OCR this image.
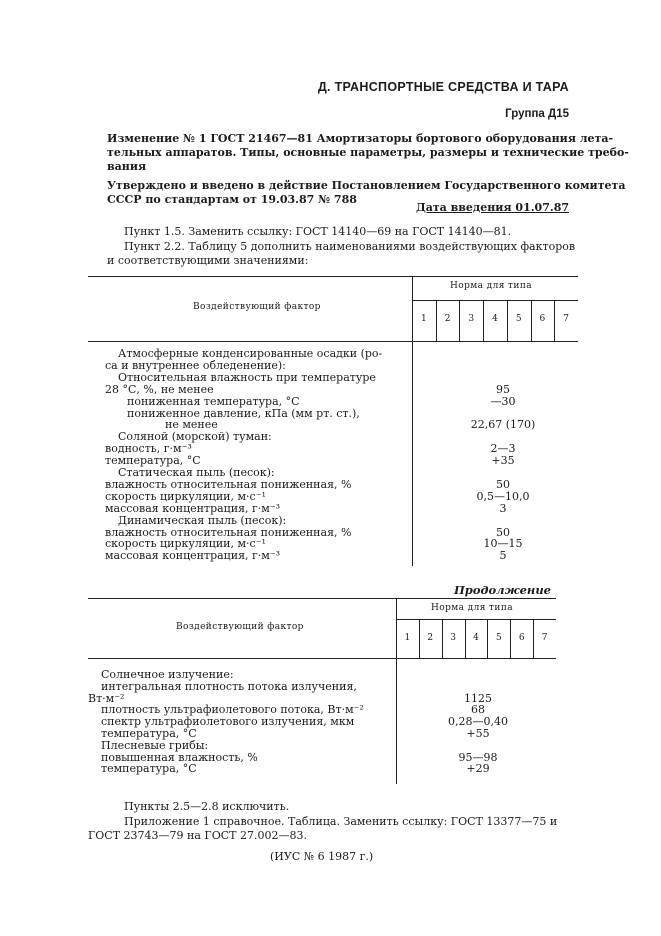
Д. ТРАНСПОРТНЫЕ СРЕДСТВА И ТАРА
Группа Д15
Изменение № 1 ГОСТ 21467—81 Амортизаторы бортового оборудования лета-
тельных аппаратов. Типы, основные параметры, размеры и технические требо-
вания
Утверждено и введено в действие Постановлением Государственного комитета
СССР по стандартам от 19.03.87 № 788
Дата введения 01.07.87
Пункт 1.5. Заменить ссылку: ГОСТ 14140—69 на ГОСТ 14140—81.
Пункт 2.2. Таблицу 5 дополнить наименованиями воздействующих факторов
и соответствующими значениями:
Воздействующий фактор
Норма для типа
1	2	3	4	5	6	7
Атмосферные конденсированные осадки (ро-
са и внутреннее обледенение):
Относительная влажность при температуре
28 °С, %, не менее	95
пониженная температура, °С	—30
пониженное давление, кПа (мм рт. ст.),
не менее	22,67 (170)
Соляной (морской) туман:
водность, г·м⁻³	2—3
температура, °С	+35
Статическая пыль (песок):
влажность относительная пониженная, %	50
скорость циркуляции, м·с⁻¹	0,5—10,0
массовая концентрация, г·м⁻³	3
Динамическая пыль (песок):
влажность относительная пониженная, %	50
скорость циркуляции, м·с⁻¹	10—15
массовая концентрация, г·м⁻³	5
Продолжение
Воздействующий фактор
Норма для типа
1	2	3	4	5	6	7
Солнечное излучение:
интегральная плотность потока излучения,
Вт·м⁻²	1125
плотность ультрафиолетового потока, Вт·м⁻²	68
спектр ультрафиолетового излучения, мкм	0,28—0,40
температура, °С	+55
Плесневые грибы:
повышенная влажность, %	95—98
температура, °С	+29
Пункты 2.5—2.8 исключить.
Приложение 1 справочное. Таблица. Заменить ссылку: ГОСТ 13377—75 и
ГОСТ 23743—79 на ГОСТ 27.002—83.
(ИУС № 6 1987 г.)
